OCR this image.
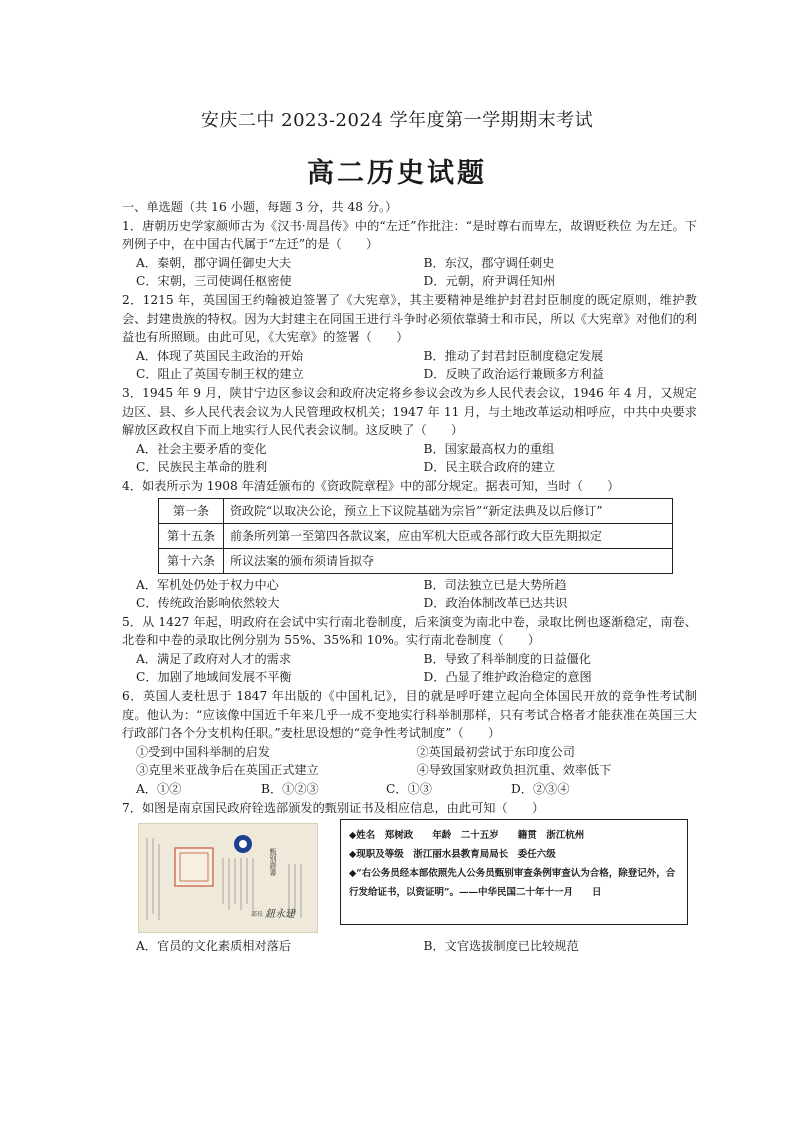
安庆二中 2023-2024 学年度第一学期期末考试
高二历史试题
一、单选题（共 16 小题，每题 3 分，共 48 分。）
1．唐朝历史学家颜师古为《汉书·周昌传》中的“左迁”作批注：“是时尊右而卑左，故谓贬秩位 为左迁。下列例子中，在中国古代属于“左迁”的是（　　）
A．秦朝，郡守调任御史大夫	B．东汉，郡守调任刺史
C．宋朝，三司使调任枢密使	D．元朝，府尹调任知州
2．1215 年，英国国王约翰被迫签署了《大宪章》，其主要精神是维护封君封臣制度的既定原则，维护教会、封建贵族的特权。因为大封建主在同国王进行斗争时必须依靠骑士和市民，所以《大宪章》对他们的利益也有所照顾。由此可见，《大宪章》的签署（　　）
A．体现了英国民主政治的开始	B．推动了封君封臣制度稳定发展
C．阻止了英国专制王权的建立	D．反映了政治运行兼顾多方利益
3．1945 年 9 月，陕甘宁边区参议会和政府决定将乡参议会改为乡人民代表会议，1946 年 4 月，又规定边区、县、乡人民代表会议为人民管理政权机关；1947 年 11 月，与土地改革运动相呼应，中共中央要求解放区政权自下而上地实行人民代表会议制。这反映了（　　）
A．社会主要矛盾的变化	B．国家最高权力的重组
C．民族民主革命的胜利	D．民主联合政府的建立
4．如表所示为 1908 年清廷颁布的《资政院章程》中的部分规定。据表可知，当时（　　）
第一条	资政院“以取决公论，预立上下议院基础为宗旨”“新定法典及以后修订”
第十五条	前条所列第一至第四各款议案，应由军机大臣或各部行政大臣先期拟定
第十六条	所议法案的颁布须请旨拟夺
A．军机处仍处于权力中心	B．司法独立已是大势所趋
C．传统政治影响依然较大	D．政治体制改革已达共识
5．从 1427 年起，明政府在会试中实行南北卷制度，后来演变为南北中卷，录取比例也逐渐稳定，南卷、北卷和中卷的录取比例分别为 55%、35%和 10%。实行南北卷制度（　　）
A．满足了政府对人才的需求	B．导致了科举制度的日益僵化
C．加剧了地域间发展不平衡	D．凸显了维护政治稳定的意图
6．英国人麦杜思于 1847 年出版的《中国札记》，目的就是呼吁建立起向全体国民开放的竞争性考试制度。他认为：“应该像中国近千年来几乎一成不变地实行科举制那样，只有考试合格者才能获准在英国三大行政部门各个分支机构任职。”麦杜思设想的“竞争性考试制度”（　　）
①受到中国科举制的启发	②英国最初尝试于东印度公司
③克里米亚战争后在英国正式建立	④导致国家财政负担沉重、效率低下
A．①②	B．①②③	C．①③	D．②③④
7．如图是南京国民政府铨选部颁发的甄别证书及相应信息，由此可知（　　）
甄别證書
部長 鈕永建
◆姓名　郑树政　　年龄　二十五岁　　籍贯　浙江杭州
◆现职及等级　浙江丽水县教育局局长　委任六级
◆“右公务员经本部依照先人公务员甄别审查条例审查认为合格，除登记外，合行发给证书，以资证明”。——中华民国二十年十一月　　日
A．官员的文化素质相对落后	B．文官选拔制度已比较规范
